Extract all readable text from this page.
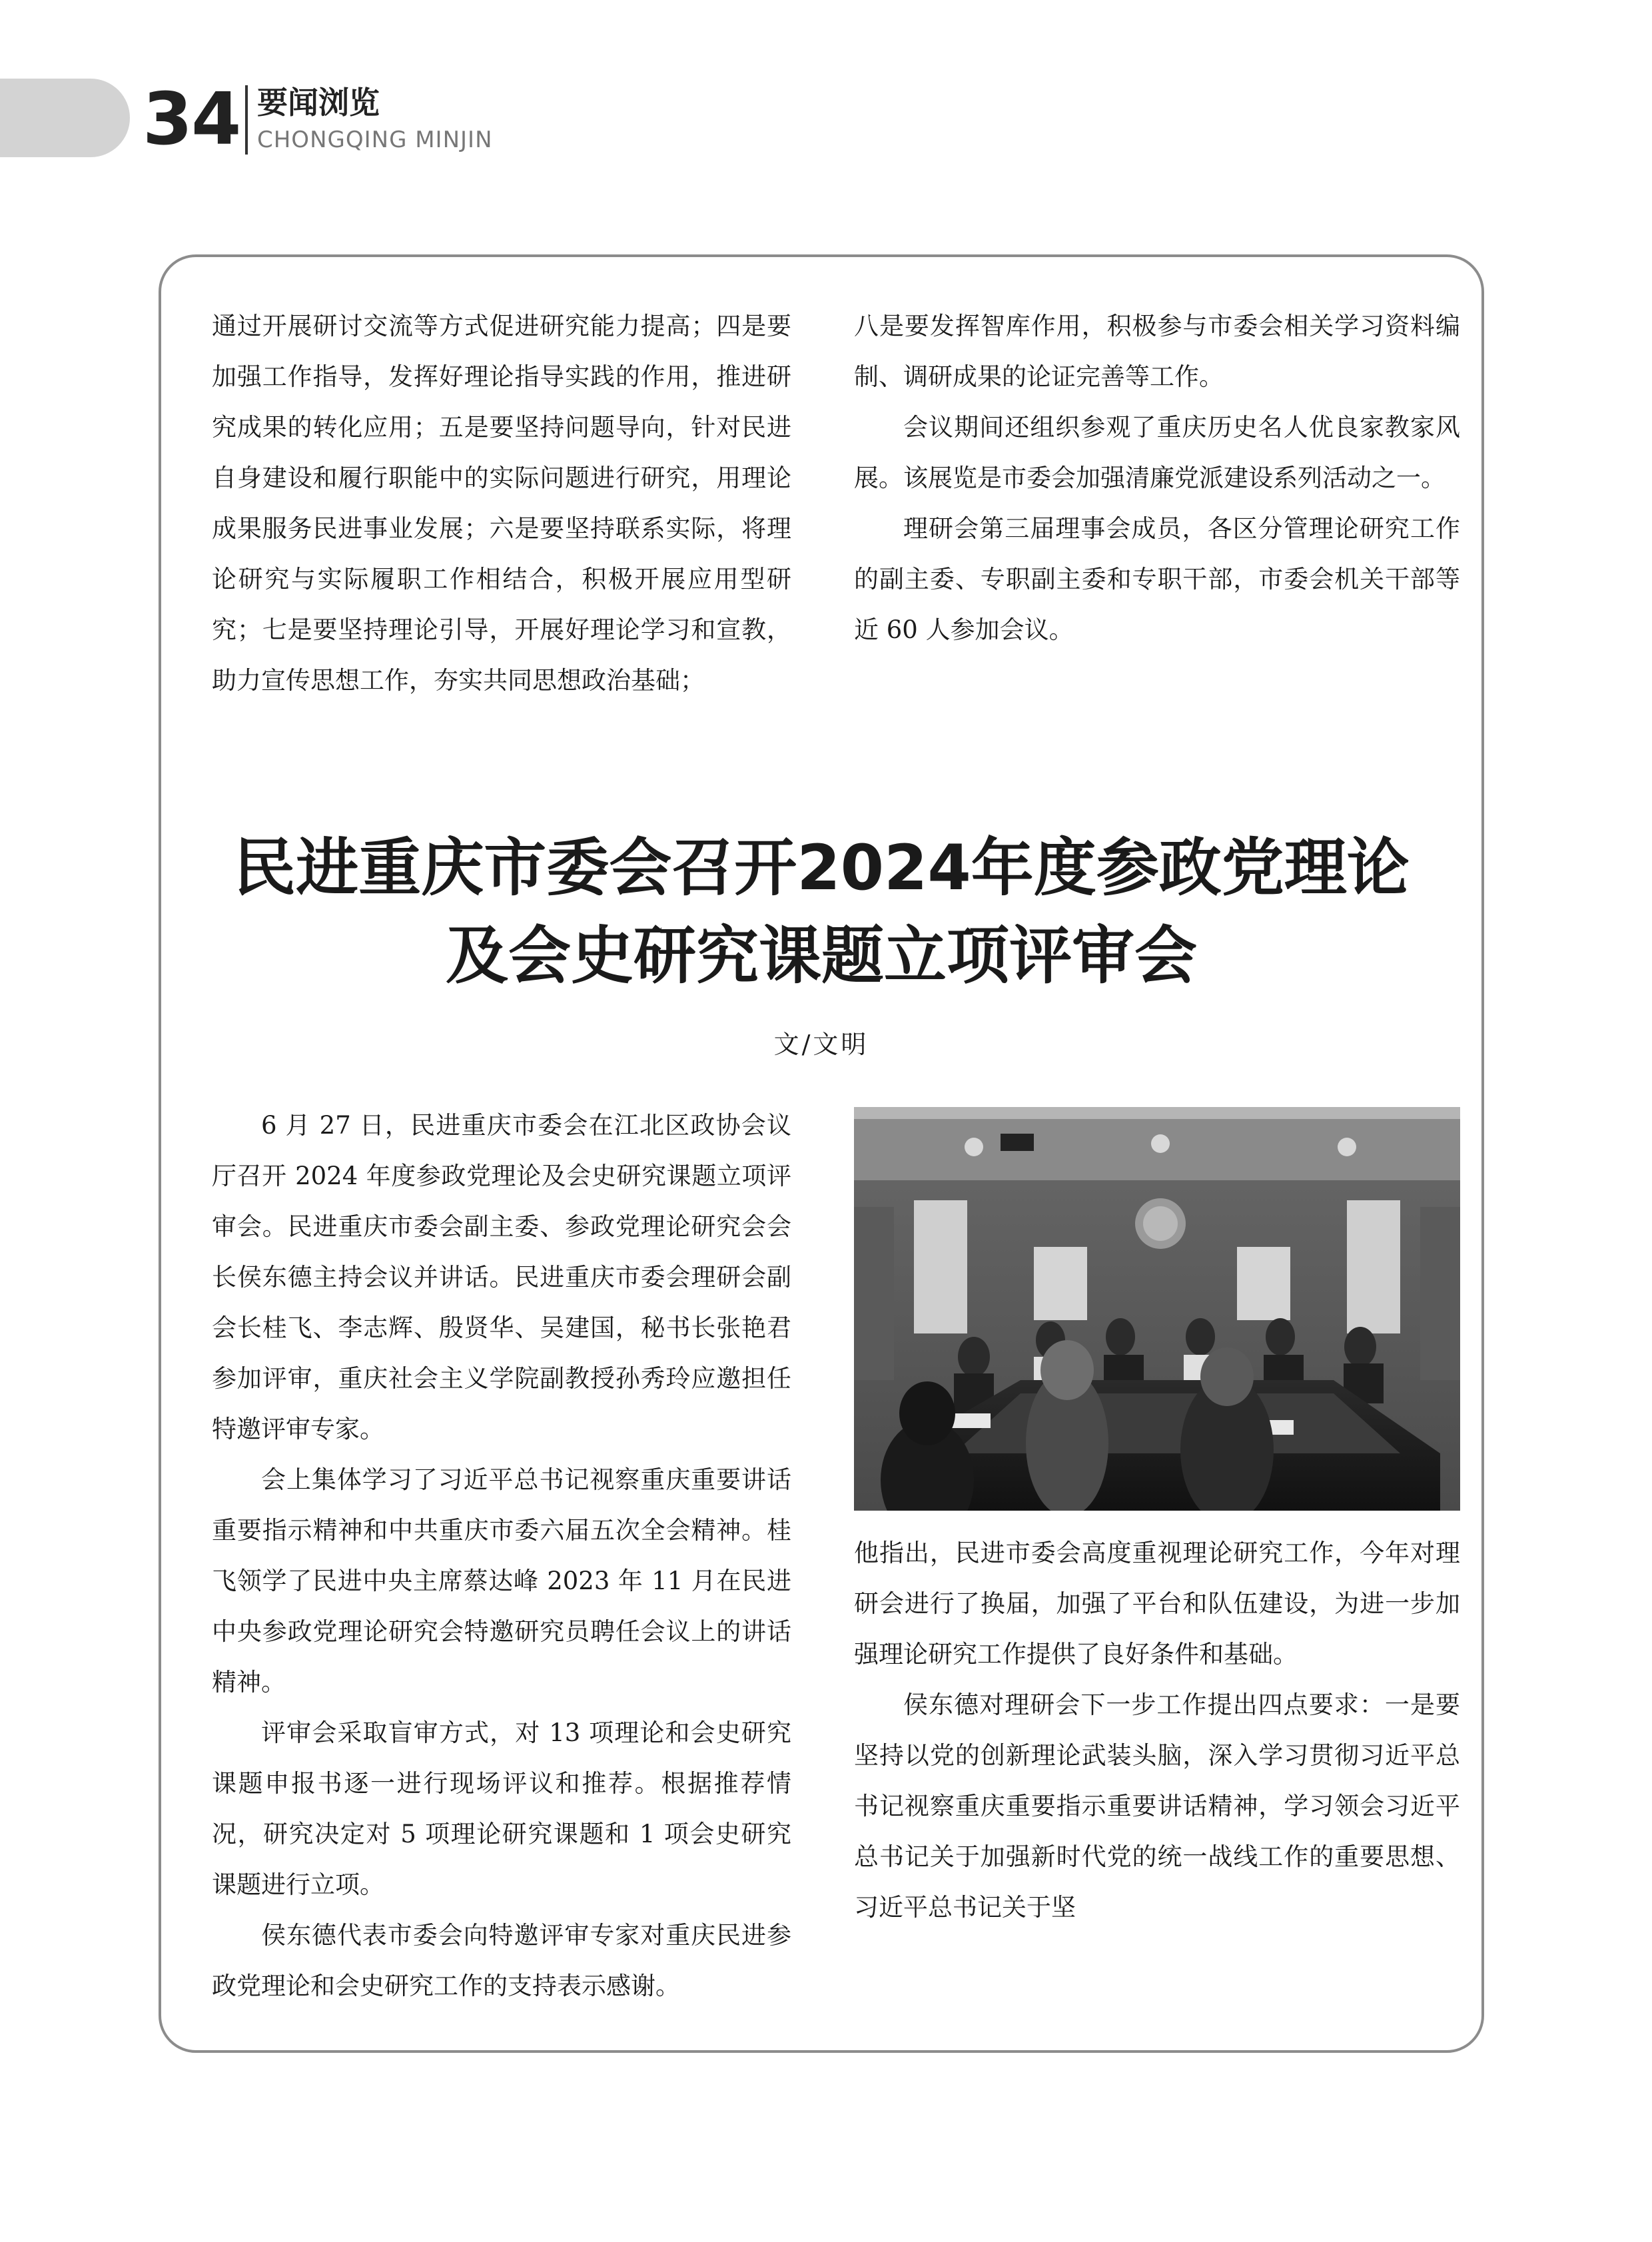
34 要闻浏览
CHONGQING MINJIN

通过开展研讨交流等方式促进研究能力提高；四是要加强工作指导，发挥好理论指导实践的作用，推进研究成果的转化应用；五是要坚持问题导向，针对民进自身建设和履行职能中的实际问题进行研究，用理论成果服务民进事业发展；六是要坚持联系实际，将理论研究与实际履职工作相结合，积极开展应用型研究；七是要坚持理论引导，开展好理论学习和宣教，助力宣传思想工作，夯实共同思想政治基础；

八是要发挥智库作用，积极参与市委会相关学习资料编制、调研成果的论证完善等工作。

会议期间还组织参观了重庆历史名人优良家教家风展。该展览是市委会加强清廉党派建设系列活动之一。

理研会第三届理事会成员，各区分管理论研究工作的副主委、专职副主委和专职干部，市委会机关干部等近 60 人参加会议。

民进重庆市委会召开2024年度参政党理论
及会史研究课题立项评审会
文/文明

6 月 27 日，民进重庆市委会在江北区政协会议厅召开 2024 年度参政党理论及会史研究课题立项评审会。民进重庆市委会副主委、参政党理论研究会会长侯东德主持会议并讲话。民进重庆市委会理研会副会长桂飞、李志辉、殷贤华、吴建国，秘书长张艳君参加评审，重庆社会主义学院副教授孙秀玲应邀担任特邀评审专家。

会上集体学习了习近平总书记视察重庆重要讲话重要指示精神和中共重庆市委六届五次全会精神。桂飞领学了民进中央主席蔡达峰 2023 年 11 月在民进中央参政党理论研究会特邀研究员聘任会议上的讲话精神。

评审会采取盲审方式，对 13 项理论和会史研究课题申报书逐一进行现场评议和推荐。根据推荐情况，研究决定对 5 项理论研究课题和 1 项会史研究课题进行立项。

侯东德代表市委会向特邀评审专家对重庆民进参政党理论和会史研究工作的支持表示感谢。

他指出，民进市委会高度重视理论研究工作，今年对理研会进行了换届，加强了平台和队伍建设，为进一步加强理论研究工作提供了良好条件和基础。

侯东德对理研会下一步工作提出四点要求：一是要坚持以党的创新理论武装头脑，深入学习贯彻习近平总书记视察重庆重要指示重要讲话精神，学习领会习近平总书记关于加强新时代党的统一战线工作的重要思想、习近平总书记关于坚
